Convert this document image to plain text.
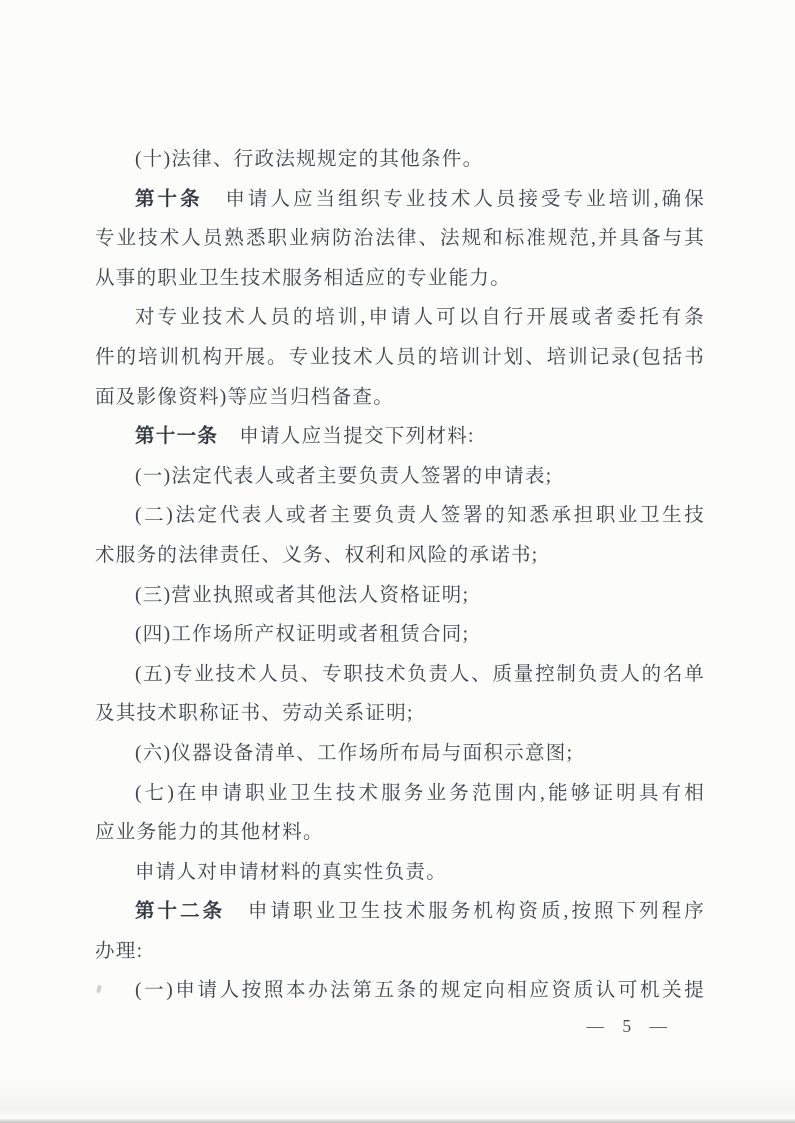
(十)法律、行政法规规定的其他条件。
第十条 申请人应当组织专业技术人员接受专业培训,确保
专业技术人员熟悉职业病防治法律、法规和标准规范,并具备与其
从事的职业卫生技术服务相适应的专业能力。
对专业技术人员的培训,申请人可以自行开展或者委托有条
件的培训机构开展。专业技术人员的培训计划、培训记录(包括书
面及影像资料)等应当归档备查。
第十一条 申请人应当提交下列材料:
(一)法定代表人或者主要负责人签署的申请表;
(二)法定代表人或者主要负责人签署的知悉承担职业卫生技
术服务的法律责任、义务、权利和风险的承诺书;
(三)营业执照或者其他法人资格证明;
(四)工作场所产权证明或者租赁合同;
(五)专业技术人员、专职技术负责人、质量控制负责人的名单
及其技术职称证书、劳动关系证明;
(六)仪器设备清单、工作场所布局与面积示意图;
(七)在申请职业卫生技术服务业务范围内,能够证明具有相
应业务能力的其他材料。
申请人对申请材料的真实性负责。
第十二条 申请职业卫生技术服务机构资质,按照下列程序
办理:
(一)申请人按照本办法第五条的规定向相应资质认可机关提
— 5 —
